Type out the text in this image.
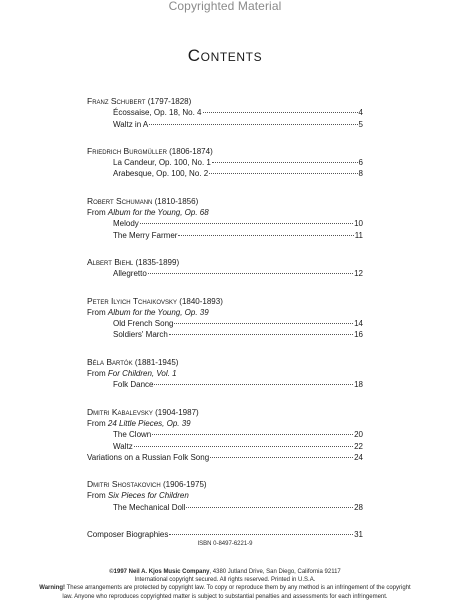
Copyrighted Material
Contents
Franz Schubert (1797-1828)
Écossaise, Op. 18, No. 4	4
Waltz in A	5
Friedrich Burgmüller (1806-1874)
La Candeur, Op. 100, No. 1	6
Arabesque, Op. 100, No. 2	8
Robert Schumann (1810-1856)
From Album for the Young, Op. 68
Melody	10
The Merry Farmer	11
Albert Biehl (1835-1899)
Allegretto	12
Peter Ilyich Tchaikovsky (1840-1893)
From Album for the Young, Op. 39
Old French Song	14
Soldiers' March	16
Béla Bartók (1881-1945)
From For Children, Vol. 1
Folk Dance	18
Dmitri Kabalevsky (1904-1987)
From 24 Little Pieces, Op. 39
The Clown	20
Waltz	22
Variations on a Russian Folk Song	24
Dmitri Shostakovich (1906-1975)
From Six Pieces for Children
The Mechanical Doll	28
Composer Biographies	31
ISBN 0-8497-6221-9
©1997 Neil A. Kjos Music Company, 4380 Jutland Drive, San Diego, California 92117
International copyright secured. All rights reserved. Printed in U.S.A.
Warning! These arrangements are protected by copyright law. To copy or reproduce them by any method is an infringement of the copyright
law. Anyone who reproduces copyrighted matter is subject to substantial penalties and assessments for each infringement.
